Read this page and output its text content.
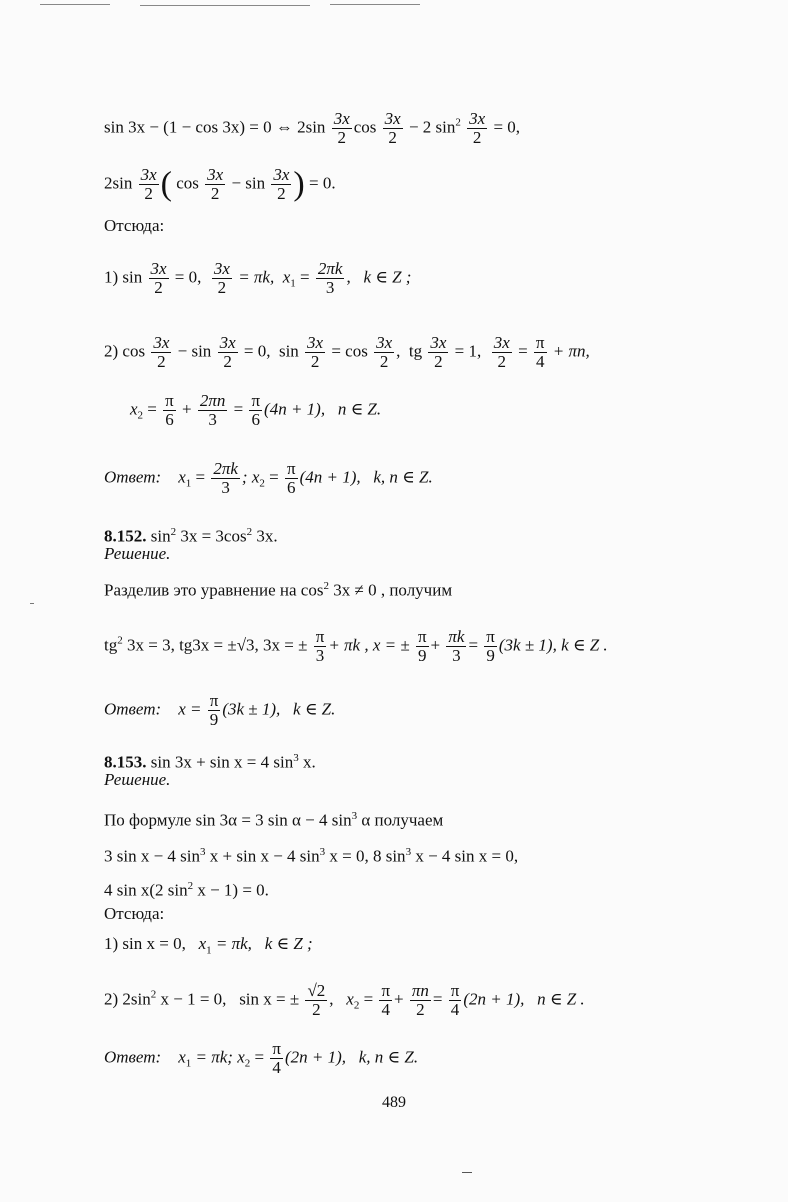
sin 3x − (1 − cos 3x) = 0 ⇔ $2\sin \frac{3x}{2}$ $\cos \frac{3x}{2} - 2$ $\sin^2 \frac{3x}{2} = 0$,
$2\sin \frac{3x}{2}$ ( $\cos \frac{3x}{2} - \sin \frac{3x}{2}$ ) = 0.
Отсюда:
1) $\sin \frac{3x}{2} = 0$, $\frac{3x}{2} = \pi k$, $x_1 = \frac{2\pi k}{3}$ , k ∈ Z ;
2) $\cos \frac{3x}{2} - \sin \frac{3x}{2} = 0$, $\sin \frac{3x}{2} = \cos \frac{3x}{2}$ , tg $\frac{3x}{2} = 1$, $\frac{3x}{2} = \frac{\pi}{4} + \pi n$,
$x_2 = \frac{\pi}{6} + \frac{2\pi n}{3} = \frac{\pi}{6} (4n + 1)$, n ∈ Z.
Ответ: $x_1 = \frac{2\pi k}{3}$ ; $x_2 = \frac{\pi}{6} (4n + 1)$, k, n ∈ Z.
8.152. $\sin^2 3x = 3\cos^2$ 3x.
Решение.
Разделив это уравнение на $\cos^2 3x \ne 0$ , получим
$tg^2$ 3x = 3, tg3x = ±√3, 3x = ± $\frac{\pi}{3} + \pi k$ , x = ± $\frac{\pi}{9} + \frac{\pi k}{3} = \frac{\pi}{9} (3k \pm 1)$, k ∈ Z .
Ответ: $x = \frac{\pi}{9} (3k \pm 1)$, k ∈ Z.
8.153. sin 3x + sin x = 4 $\sin^3 x$.
Решение.
По формуле sin 3α = 3 sin α − 4 $\sin^3 \alpha$ получаем
3 sin x − 4 $\sin^3 x + \sin x - 4$ $\sin^3 x = 0$, 8 $\sin^3 x - 4$ sin x = 0,
4 sin x(2 $\sin^2 x - 1) = 0$.
Отсюда:
1) sin x = 0, $x_1 = \pi k$, k ∈ Z ;
2) $2\sin^2$ x − 1 = 0, sin x = ± $\frac{√2}{2}$ , $x_2 = \frac{\pi}{4} + \frac{\pi n}{2} = \frac{\pi}{4} (2n + 1)$, n ∈ Z .
Ответ: $x_1 = \pi k$; $x_2 = \frac{\pi}{4} (2n + 1)$, k, n ∈ Z.
489
